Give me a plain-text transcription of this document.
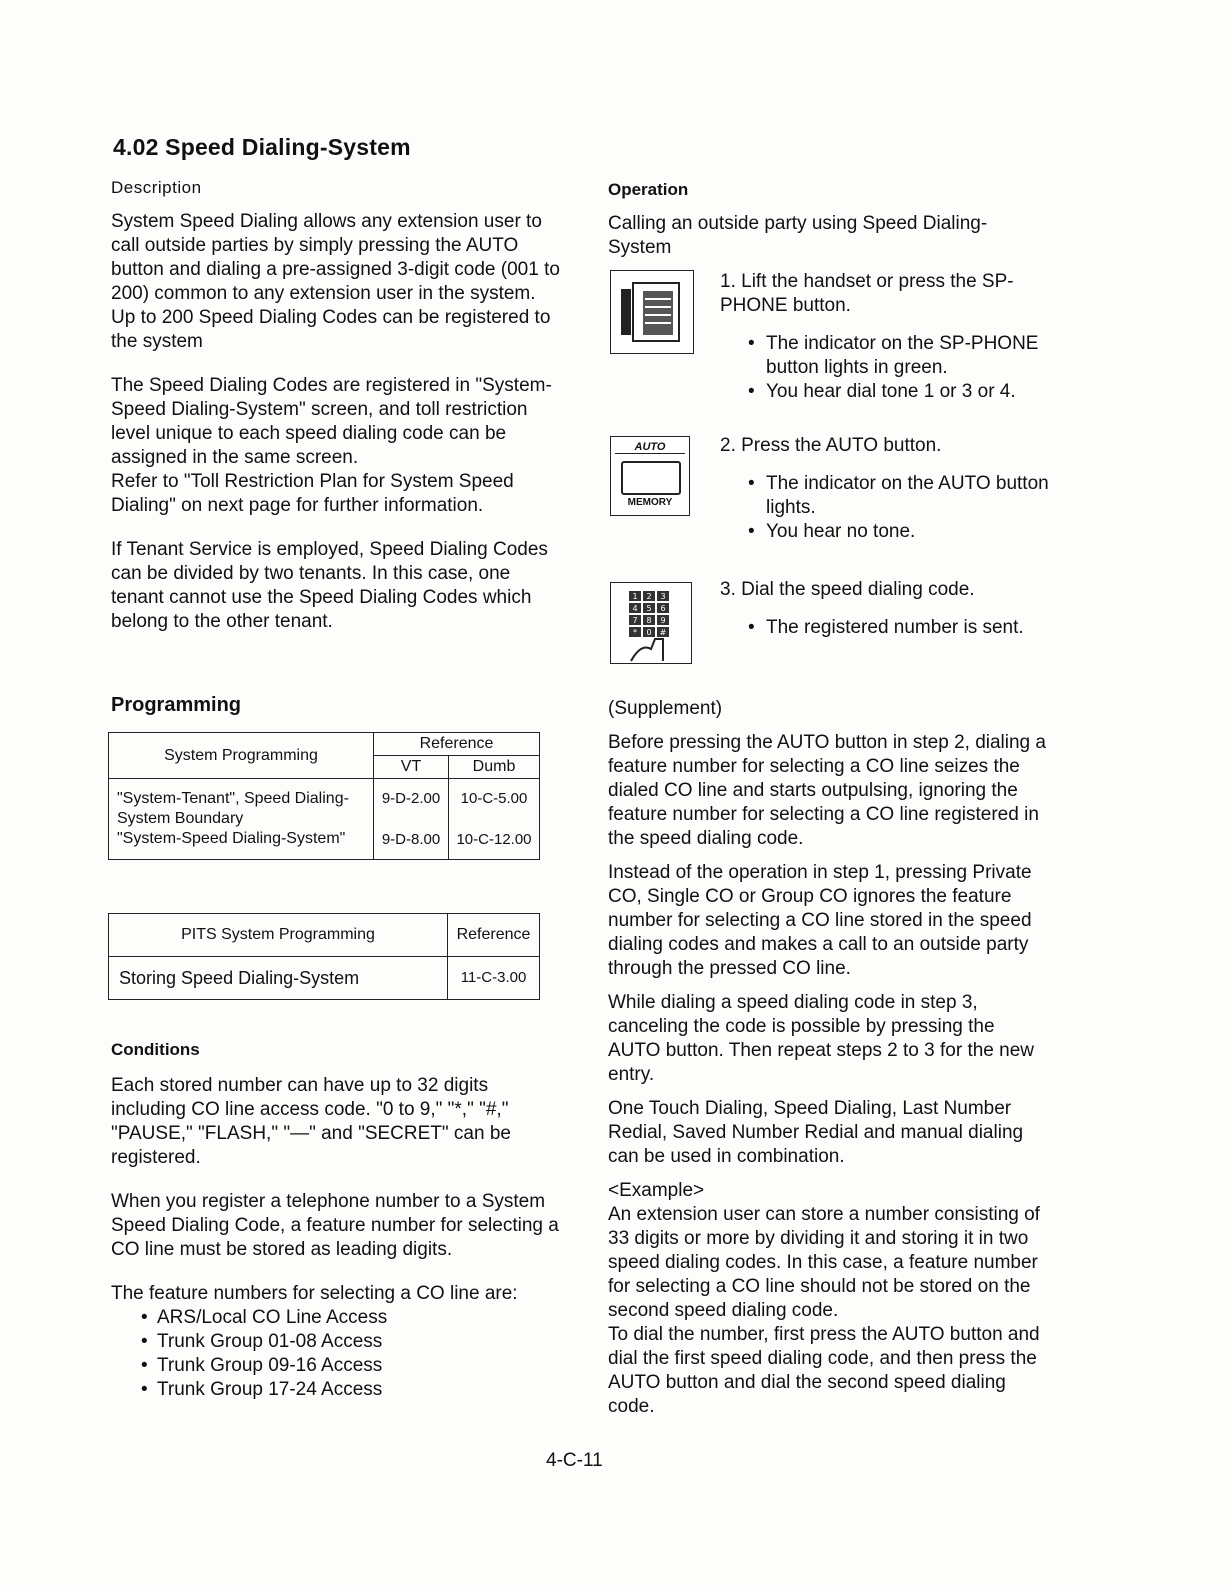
4.02 Speed Dialing-System
Description

System Speed Dialing allows any extension user to call outside parties by simply pressing the AUTO button and dialing a pre-assigned 3-digit code (001 to 200) common to any extension user in the system.

Up to 200 Speed Dialing Codes can be registered to the system

The Speed Dialing Codes are registered in "System-Speed Dialing-System" screen, and toll restriction level unique to each speed dialing code can be assigned in the same screen.

Refer to "Toll Restriction Plan for System Speed Dialing" on next page for further information.

If Tenant Service is employed, Speed Dialing Codes can be divided by two tenants. In this case, one tenant cannot use the Speed Dialing Codes which belong to the other tenant.

Programming
System Programming	Reference	
	VT	Dumb
"System-Tenant", Speed Dialing-System Boundary	9-D-2.00	10-C-5.00
"System-Speed Dialing-System"	9-D-8.00	10-C-12.00
PITS System Programming	Reference
Storing Speed Dialing-System	11-C-3.00
Conditions

Each stored number can have up to 32 digits including CO line access code. "0 to 9," "*," "#," "PAUSE," "FLASH," "—" and "SECRET" can be registered.

When you register a telephone number to a System Speed Dialing Code, a feature number for selecting a CO line must be stored as leading digits.

The feature numbers for selecting a CO line are:

• ARS/Local CO Line Access
• Trunk Group 01-08 Access
• Trunk Group 09-16 Access
• Trunk Group 17-24 Access
Operation

Calling an outside party using Speed Dialing-System

AUTO
MEMORY
1 2 3
4 5 6
7 8 9
* 0 #
1. Lift the handset or press the SP-PHONE button.
• The indicator on the SP-PHONE button lights in green.
• You hear dial tone 1 or 3 or 4.
2. Press the AUTO button.
• The indicator on the AUTO button lights.
• You hear no tone.
3. Dial the speed dialing code.
• The registered number is sent.
(Supplement)

Before pressing the AUTO button in step 2, dialing a feature number for selecting a CO line seizes the dialed CO line and starts outpulsing, ignoring the feature number for selecting a CO line registered in the speed dialing code.

Instead of the operation in step 1, pressing Private CO, Single CO or Group CO ignores the feature number for selecting a CO line stored in the speed dialing codes and makes a call to an outside party through the pressed CO line.

While dialing a speed dialing code in step 3, canceling the code is possible by pressing the AUTO button. Then repeat steps 2 to 3 for the new entry.

One Touch Dialing, Speed Dialing, Last Number Redial, Saved Number Redial and manual dialing can be used in combination.

<Example>
An extension user can store a number consisting of 33 digits or more by dividing it and storing it in two speed dialing codes. In this case, a feature number for selecting a CO line should not be stored on the second speed dialing code.
To dial the number, first press the AUTO button and dial the first speed dialing code, and then press the AUTO button and dial the second speed dialing code.
4-C-11
